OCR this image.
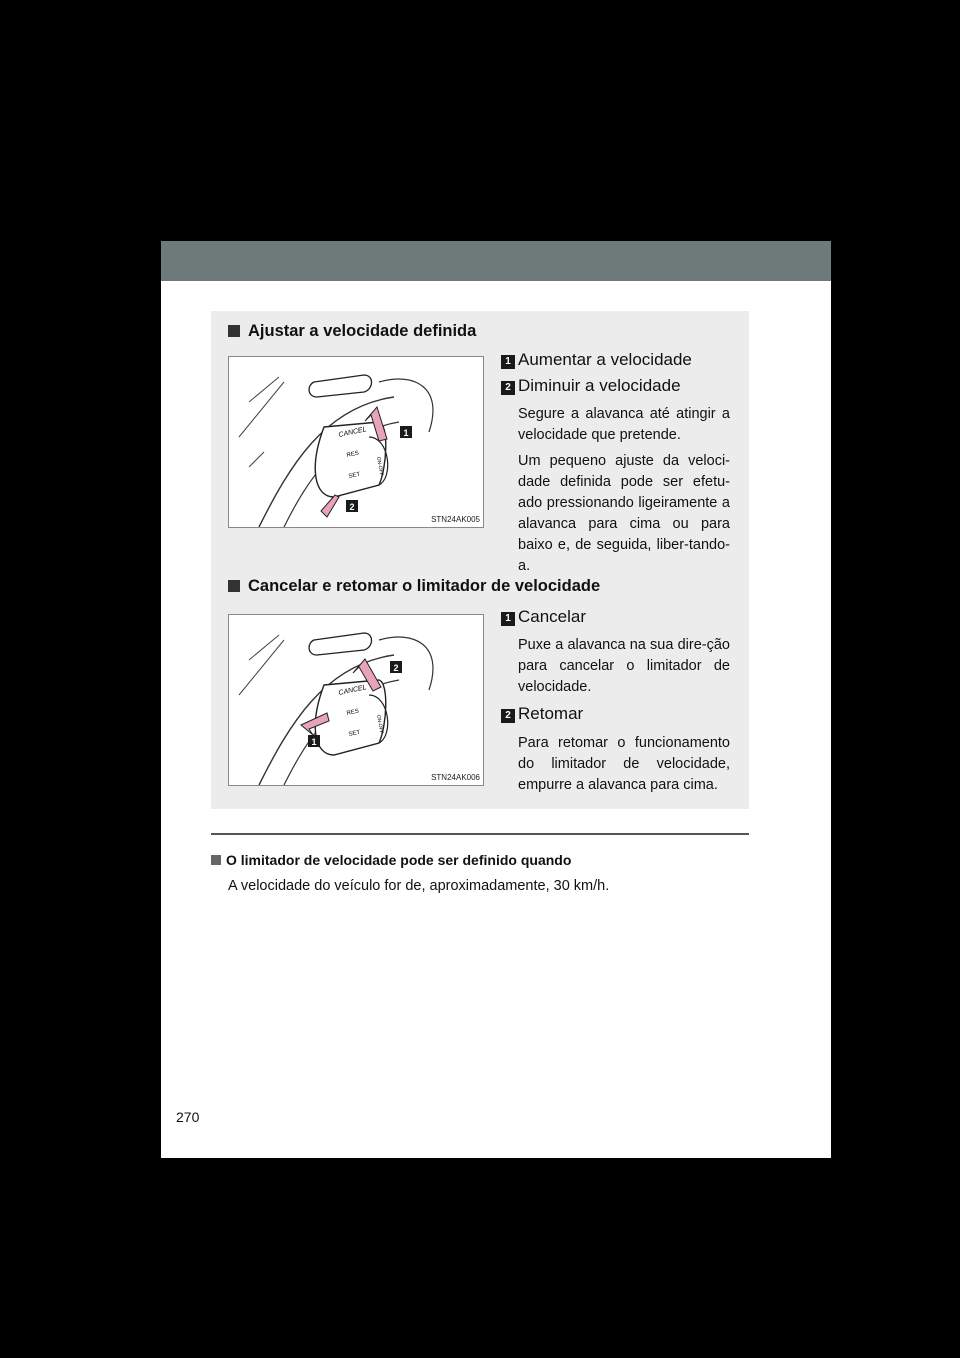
Ajustar a velocidade definida
CANCEL
RES
SET	ON-OFF
1
2
STN24AK005
1 Aumentar a velocidade
2 Diminuir a velocidade
Segure a alavanca até atingir a velocidade que pretende.
Um pequeno ajuste da veloci-dade definida pode ser efetu-ado pressionando ligeiramente a alavanca para cima ou para baixo e, de seguida, liber-tando-a.
Cancelar e retomar o limitador de velocidade
CANCEL
RES
SET	ON-OFF
2
1
STN24AK006
1 Cancelar
Puxe a alavanca na sua dire-ção para cancelar o limitador de velocidade.
2 Retomar
Para retomar o funcionamento do limitador de velocidade, empurre a alavanca para cima.
O limitador de velocidade pode ser definido quando
A velocidade do veículo for de, aproximadamente, 30 km/h.
270
